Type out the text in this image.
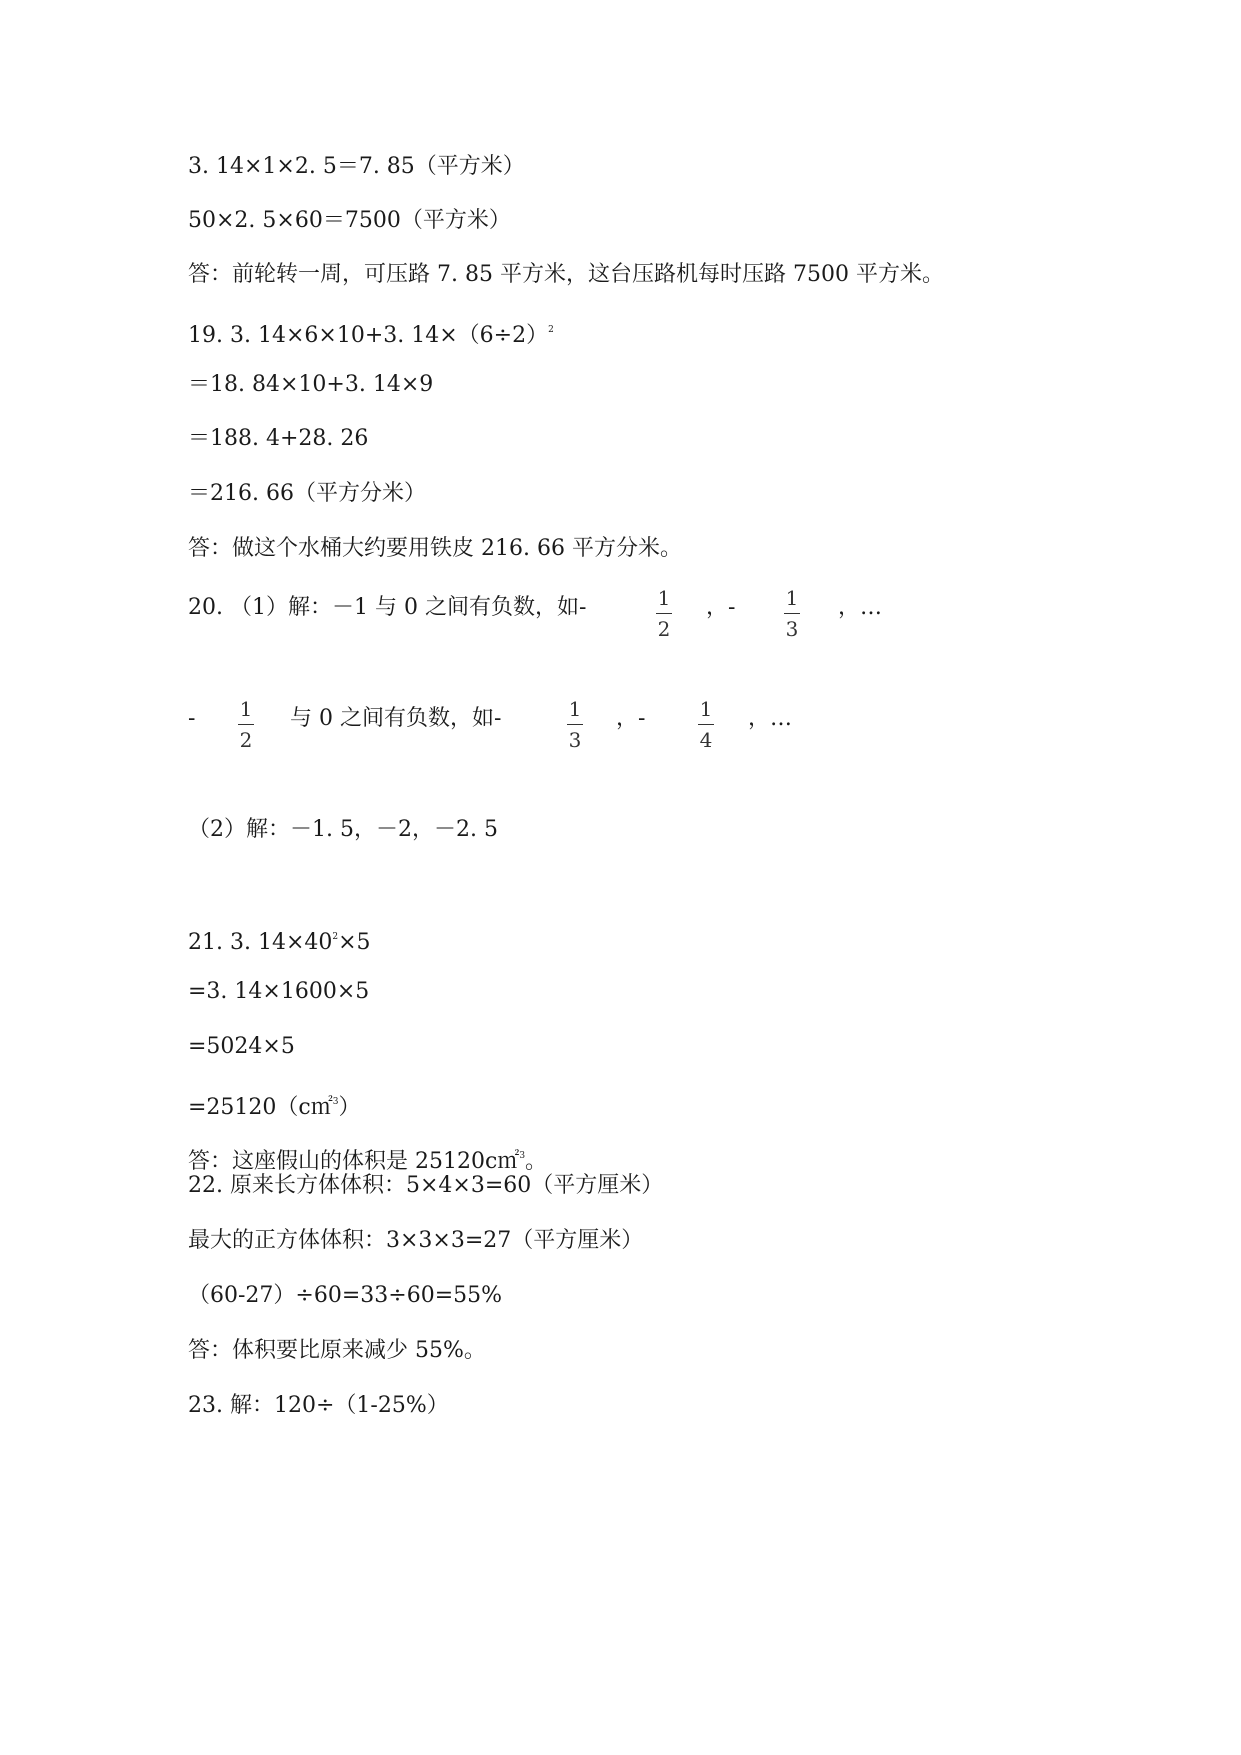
3. 14×1×2. 5＝7. 85（平方米）
50×2. 5×60＝7500（平方米）
答：前轮转一周，可压路 7. 85 平方米，这台压路机每时压路 7500 平方米。
19. 3. 14×6×10+3. $14\times(6\div 2)^2$
＝18. 84×10+3. 14×9
＝188. 4+28. 26
＝216. 66（平方分米）
答：做这个水桶大约要用铁皮 216. 66 平方分米。
20. （1）解：－1 与 0 之间有负数，如-	1
2
，-	1
3
，…
- 1
2
与 0 之间有负数，如-	1
3
，-	1
4
，…
（2）解：－1. 5，－2，－2. 5
21. 3. $14\times 40^2\times 5$
=3. 14×1600×5
=5024×5
=25120（c㎡$^3$）
答：这座假山的体积是 25120c㎡$^3$。
22. 原来长方体体积：5×4×3=60（平方厘米）
最大的正方体体积：3×3×3=27（平方厘米）
（60-27）÷60=33÷60=55%
答：体积要比原来减少 55%。
23. 解：120÷（1-25%）
